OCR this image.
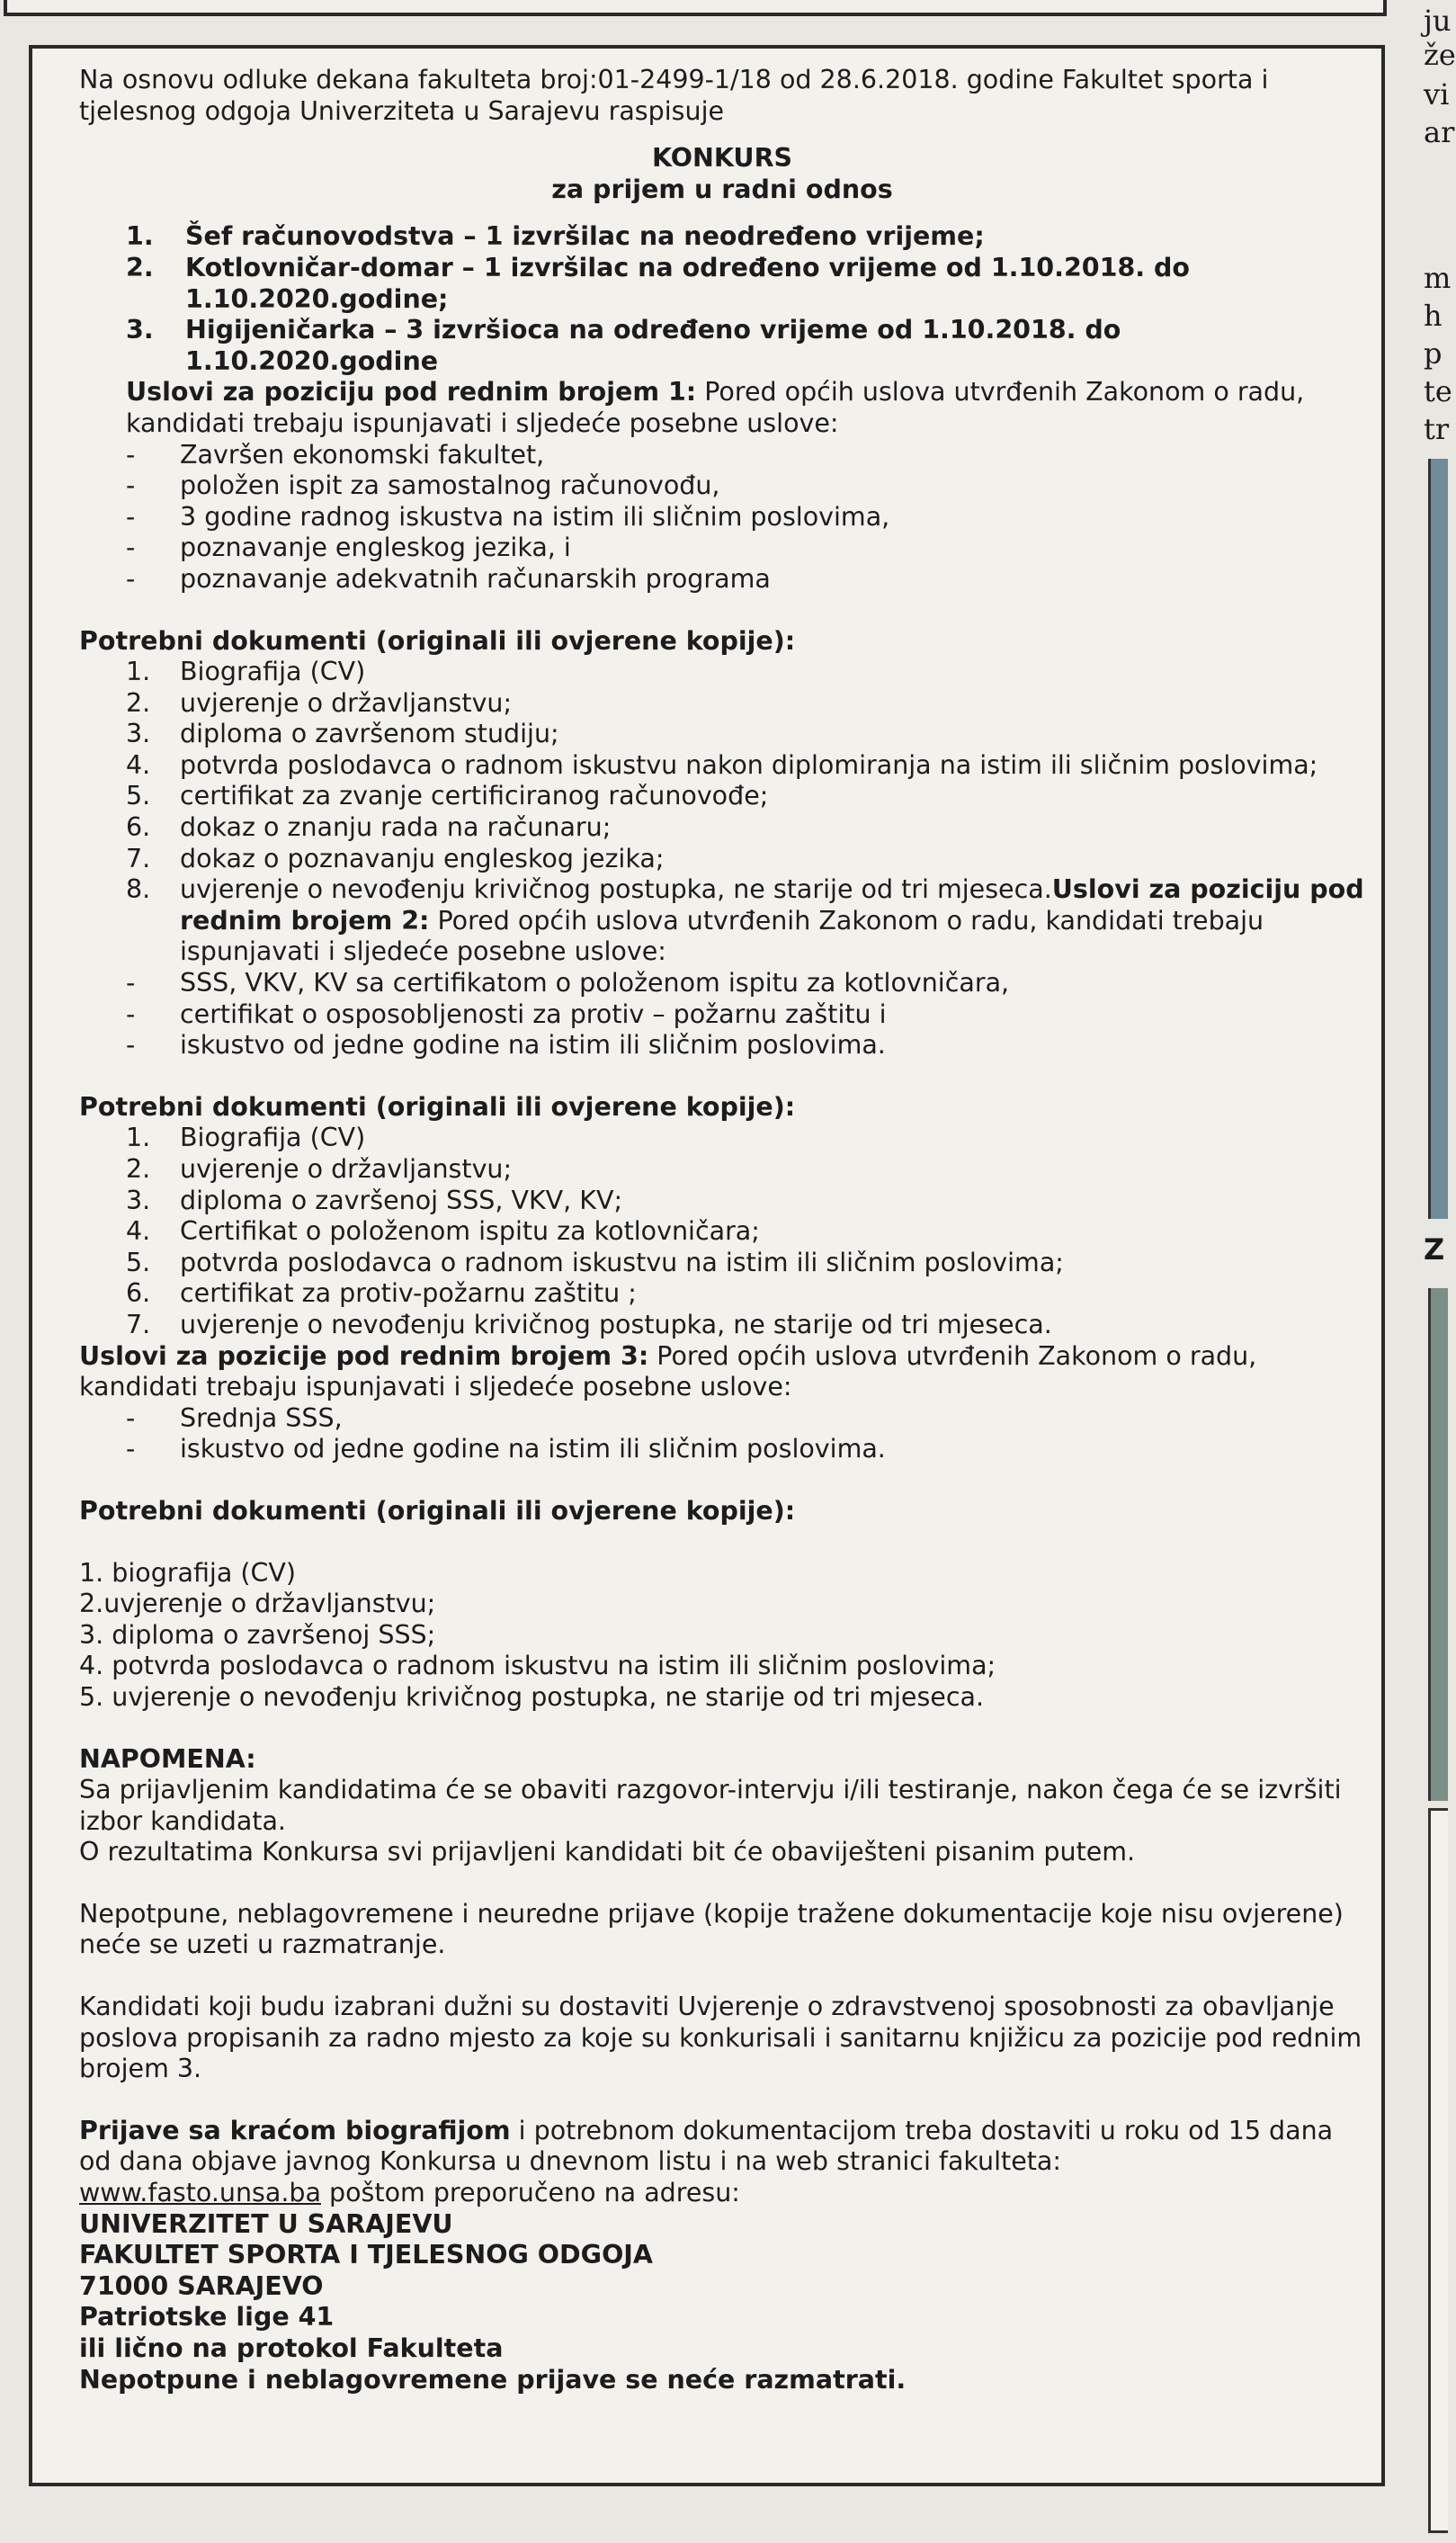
Na osnovu odluke dekana fakulteta broj:01-2499-1/18 od 28.6.2018. godine Fakultet sporta i tjelesnog odgoja Univerziteta u Sarajevu raspisuje

KONKURS

za prijem u radni odnos

1.	Šef računovodstva – 1 izvršilac na neodređeno vrijeme;
2.	Kotlovničar-domar – 1 izvršilac na određeno vrijeme od 1.10.2018. do 1.10.2020.godine;
3.	Higijeničarka – 3 izvršioca na određeno vrijeme od 1.10.2018. do 1.10.2020.godine

Uslovi za poziciju pod rednim brojem 1: Pored općih uslova utvrđenih Zakonom o radu, kandidati trebaju ispunjavati i sljedeće posebne uslove:

-	Završen ekonomski fakultet,
-	položen ispit za samostalnog računovođu,
-	3 godine radnog iskustva na istim ili sličnim poslovima,
-	poznavanje engleskog jezika, i
-	poznavanje adekvatnih računarskih programa

Potrebni dokumenti (originali ili ovjerene kopije):

1.	Biografija (CV)
2.	uvjerenje o državljanstvu;
3.	diploma o završenom studiju;
4.	potvrda poslodavca o radnom iskustvu nakon diplomiranja na istim ili sličnim poslovima;
5.	certifikat za zvanje certificiranog računovođe;
6.	dokaz o znanju rada na računaru;
7.	dokaz o poznavanju engleskog jezika;
8.	uvjerenje o nevođenju krivičnog postupka, ne starije od tri mjeseca.Uslovi za poziciju pod rednim brojem 2: Pored općih uslova utvrđenih Zakonom o radu, kandidati trebaju ispunjavati i sljedeće posebne uslove:
-	SSS, VKV, KV sa certifikatom o položenom ispitu za kotlovničara,
-	certifikat o osposobljenosti za protiv – požarnu zaštitu i
-	iskustvo od jedne godine na istim ili sličnim poslovima.

Potrebni dokumenti (originali ili ovjerene kopije):

1.	Biografija (CV)
2.	uvjerenje o državljanstvu;
3.	diploma o završenoj SSS, VKV, KV;
4.	Certifikat o položenom ispitu za kotlovničara;
5.	potvrda poslodavca o radnom iskustvu na istim ili sličnim poslovima;
6.	certifikat za protiv-požarnu zaštitu ;
7.	uvjerenje o nevođenju krivičnog postupka, ne starije od tri mjeseca.

Uslovi za pozicije pod rednim brojem 3: Pored općih uslova utvrđenih Zakonom o radu, kandidati trebaju ispunjavati i sljedeće posebne uslove:

-	Srednja SSS,
-	iskustvo od jedne godine na istim ili sličnim poslovima.

Potrebni dokumenti (originali ili ovjerene kopije):

1. biografija (CV)

2.uvjerenje o državljanstvu;

3. diploma o završenoj SSS;

4. potvrda poslodavca o radnom iskustvu na istim ili sličnim poslovima;

5. uvjerenje o nevođenju krivičnog postupka, ne starije od tri mjeseca.

NAPOMENA:

Sa prijavljenim kandidatima će se obaviti razgovor-intervju i/ili testiranje, nakon čega će se izvršiti izbor kandidata.

O rezultatima Konkursa svi prijavljeni kandidati bit će obaviješteni pisanim putem.

Nepotpune, neblagovremene i neuredne prijave (kopije tražene dokumentacije koje nisu ovjerene) neće se uzeti u razmatranje.

Kandidati koji budu izabrani dužni su dostaviti Uvjerenje o zdravstvenoj sposobnosti za obavljanje poslova propisanih za radno mjesto za koje su konkurisali i sanitarnu knjižicu za pozicije pod rednim brojem 3.

Prijave sa kraćom biografijom i potrebnom dokumentacijom treba dostaviti u roku od 15 dana od dana objave javnog Konkursa u dnevnom listu i na web stranici fakulteta:

www.fasto.unsa.ba poštom preporučeno na adresu:

UNIVERZITET U SARAJEVU

FAKULTET SPORTA I TJELESNOG ODGOJA

71000 SARAJEVO

Patriotske lige 41

ili lično na protokol Fakulteta

Nepotpune i neblagovremene prijave se neće razmatrati.

ju
že
vi
ar
m
h
p
te
tr
Z
